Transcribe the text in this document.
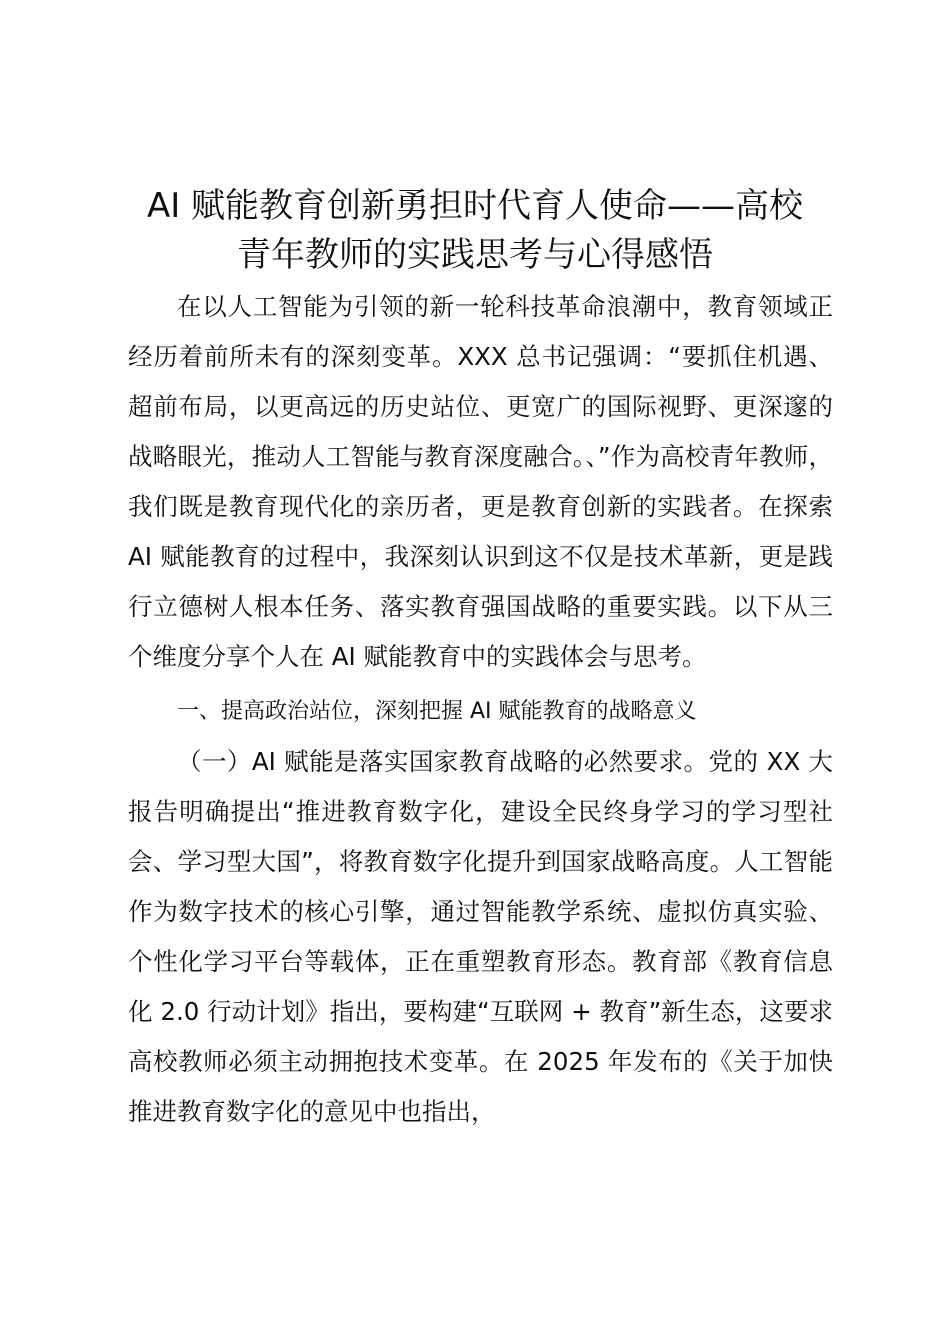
AI 赋能教育创新勇担时代育人使命——高校
青年教师的实践思考与心得感悟

在以人工智能为引领的新一轮科技革命浪潮中，教育领域正经历着前所未有的深刻变革。XXX 总书记强调：“要抓住机遇、超前布局，以更高远的历史站位、更宽广的国际视野、更深邃的战略眼光，推动人工智能与教育深度融合。、”作为高校青年教师，我们既是教育现代化的亲历者，更是教育创新的实践者。在探索 AI 赋能教育的过程中，我深刻认识到这不仅是技术革新，更是践行立德树人根本任务、落实教育强国战略的重要实践。以下从三个维度分享个人在 AI 赋能教育中的实践体会与思考。

一、提高政治站位，深刻把握 AI 赋能教育的战略意义

（一）AI 赋能是落实国家教育战略的必然要求。党的 XX 大报告明确提出“推进教育数字化，建设全民终身学习的学习型社会、学习型大国”，将教育数字化提升到国家战略高度。人工智能作为数字技术的核心引擎，通过智能教学系统、虚拟仿真实验、个性化学习平台等载体，正在重塑教育形态。教育部《教育信息化 2.0 行动计划》指出，要构建“互联网 + 教育”新生态，这要求高校教师必须主动拥抱技术变革。在 2025 年发布的《关于加快推进教育数字化的意见中也指出，
